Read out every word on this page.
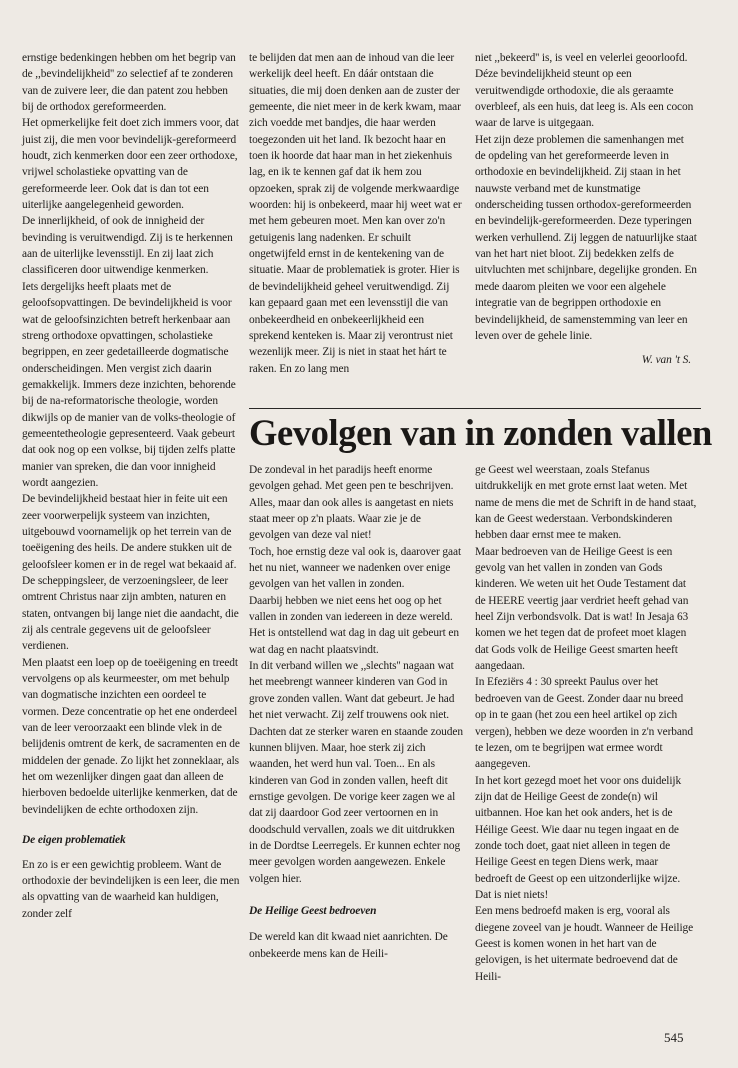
ernstige bedenkingen hebben om het begrip van de ,,bevindelijkheid'' zo selectief af te zonderen van de zuivere leer, die dan patent zou hebben bij de orthodox gereformeerden.

Het opmerkelijke feit doet zich immers voor, dat juist zij, die men voor bevindelijk-gereformeerd houdt, zich kenmerken door een zeer orthodoxe, vrijwel scholastieke opvatting van de gereformeerde leer. Ook dat is dan tot een uiterlijke aangelegenheid geworden.

De innerlijkheid, of ook de innigheid der bevinding is veruitwendigd. Zij is te herkennen aan de uiterlijke levensstijl. En zij laat zich classificeren door uitwendige kenmerken.

Iets dergelijks heeft plaats met de geloofsopvattingen. De bevindelijkheid is voor wat de geloofsinzichten betreft herkenbaar aan streng orthodoxe opvattingen, scholastieke begrippen, en zeer gedetailleerde dogmatische onderscheidingen. Men vergist zich daarin gemakkelijk. Immers deze inzichten, behorende bij de na-reformatorische theologie, worden dikwijls op de manier van de volks-theologie of gemeentetheologie gepresenteerd. Vaak gebeurt dat ook nog op een volkse, bij tijden zelfs platte manier van spreken, die dan voor innigheid wordt aangezien.

De bevindelijkheid bestaat hier in feite uit een zeer voorwerpelijk systeem van inzichten, uitgebouwd voornamelijk op het terrein van de toeëigening des heils. De andere stukken uit de geloofsleer komen er in de regel wat bekaaid af. De scheppingsleer, de verzoeningsleer, de leer omtrent Christus naar zijn ambten, naturen en staten, ontvangen bij lange niet die aandacht, die zij als centrale gegevens uit de geloofsleer verdienen.

Men plaatst een loep op de toeëigening en treedt vervolgens op als keurmeester, om met behulp van dogmatische inzichten een oordeel te vormen. Deze concentratie op het ene onderdeel van de leer veroorzaakt een blinde vlek in de belijdenis omtrent de kerk, de sacramenten en de middelen der genade. Zo lijkt het zonneklaar, als het om wezenlijker dingen gaat dan alleen de hierboven bedoelde uiterlijke kenmerken, dat de bevindelijken de echte orthodoxen zijn.

De eigen problematiek

En zo is er een gewichtig probleem. Want de orthodoxie der bevindelijken is een leer, die men als opvatting van de waarheid kan huldigen, zonder zelf

te belijden dat men aan de inhoud van die leer werkelijk deel heeft. En dáár ontstaan die situaties, die mij doen denken aan de zuster der gemeente, die niet meer in de kerk kwam, maar zich voedde met bandjes, die haar werden toegezonden uit het land. Ik bezocht haar en toen ik hoorde dat haar man in het ziekenhuis lag, en ik te kennen gaf dat ik hem zou opzoeken, sprak zij de volgende merkwaardige woorden: hij is onbekeerd, maar hij weet wat er met hem gebeuren moet. Men kan over zo'n getuigenis lang nadenken. Er schuilt ongetwijfeld ernst in de kentekening van de situatie. Maar de problematiek is groter. Hier is de bevindelijkheid geheel veruitwendigd. Zij kan gepaard gaan met een levensstijl die van onbekeerdheid en onbekeerlijkheid een sprekend kenteken is. Maar zij verontrust niet wezenlijk meer. Zij is niet in staat het hárt te raken. En zo lang men

niet ,,bekeerd'' is, is veel en velerlei geoorloofd. Déze bevindelijkheid steunt op een veruitwendigde orthodoxie, die als geraamte overbleef, als een huis, dat leeg is. Als een cocon waar de larve is uitgegaan.

Het zijn deze problemen die samenhangen met de opdeling van het gereformeerde leven in orthodoxie en bevindelijkheid. Zij staan in het nauwste verband met de kunstmatige onderscheiding tussen orthodox-gereformeerden en bevindelijk-gereformeerden. Deze typeringen werken verhullend. Zij leggen de natuurlijke staat van het hart niet bloot. Zij bedekken zelfs de uitvluchten met schijnbare, degelijke gronden. En mede daarom pleiten we voor een algehele integratie van de begrippen orthodoxie en bevindelijkheid, de samenstemming van leer en leven over de gehele linie.

W. van 't S.

Gevolgen van in zonden vallen

De zondeval in het paradijs heeft enorme gevolgen gehad. Met geen pen te beschrijven. Alles, maar dan ook alles is aangetast en niets staat meer op z'n plaats. Waar zie je de gevolgen van deze val niet!

Toch, hoe ernstig deze val ook is, daarover gaat het nu niet, wanneer we nadenken over enige gevolgen van het vallen in zonden.

Daarbij hebben we niet eens het oog op het vallen in zonden van iedereen in deze wereld. Het is ontstellend wat dag in dag uit gebeurt en wat dag en nacht plaatsvindt.

In dit verband willen we ,,slechts'' nagaan wat het meebrengt wanneer kinderen van God in grove zonden vallen. Want dat gebeurt. Je had het niet verwacht. Zij zelf trouwens ook niet. Dachten dat ze sterker waren en staande zouden kunnen blijven. Maar, hoe sterk zij zich waanden, het werd hun val. Toen... En als kinderen van God in zonden vallen, heeft dit ernstige gevolgen. De vorige keer zagen we al dat zij daardoor God zeer vertoornen en in doodschuld vervallen, zoals we dit uitdrukken in de Dordtse Leerregels. Er kunnen echter nog meer gevolgen worden aangewezen. Enkele volgen hier.

De Heilige Geest bedroeven

De wereld kan dit kwaad niet aanrichten. De onbekeerde mens kan de Heili-

ge Geest wel weerstaan, zoals Stefanus uitdrukkelijk en met grote ernst laat weten. Met name de mens die met de Schrift in de hand staat, kan de Geest wederstaan. Verbondskinderen hebben daar ernst mee te maken.

Maar bedroeven van de Heilige Geest is een gevolg van het vallen in zonden van Gods kinderen. We weten uit het Oude Testament dat de HEERE veertig jaar verdriet heeft gehad van heel Zijn verbondsvolk. Dat is wat! In Jesaja 63 komen we het tegen dat de profeet moet klagen dat Gods volk de Heilige Geest smarten heeft aangedaan.

In Efeziërs 4 : 30 spreekt Paulus over het bedroeven van de Geest. Zonder daar nu breed op in te gaan (het zou een heel artikel op zich vergen), hebben we deze woorden in z'n verband te lezen, om te begrijpen wat ermee wordt aangegeven.

In het kort gezegd moet het voor ons duidelijk zijn dat de Heilige Geest de zonde(n) wil uitbannen. Hoe kan het ook anders, het is de Héilige Geest. Wie daar nu tegen ingaat en de zonde toch doet, gaat niet alleen in tegen de Heilige Geest en tegen Diens werk, maar bedroeft de Geest op een uitzonderlijke wijze. Dat is niet niets!

Een mens bedroefd maken is erg, vooral als diegene zoveel van je houdt. Wanneer de Heilige Geest is komen wonen in het hart van de gelovigen, is het uitermate bedroevend dat de Heili-

545
